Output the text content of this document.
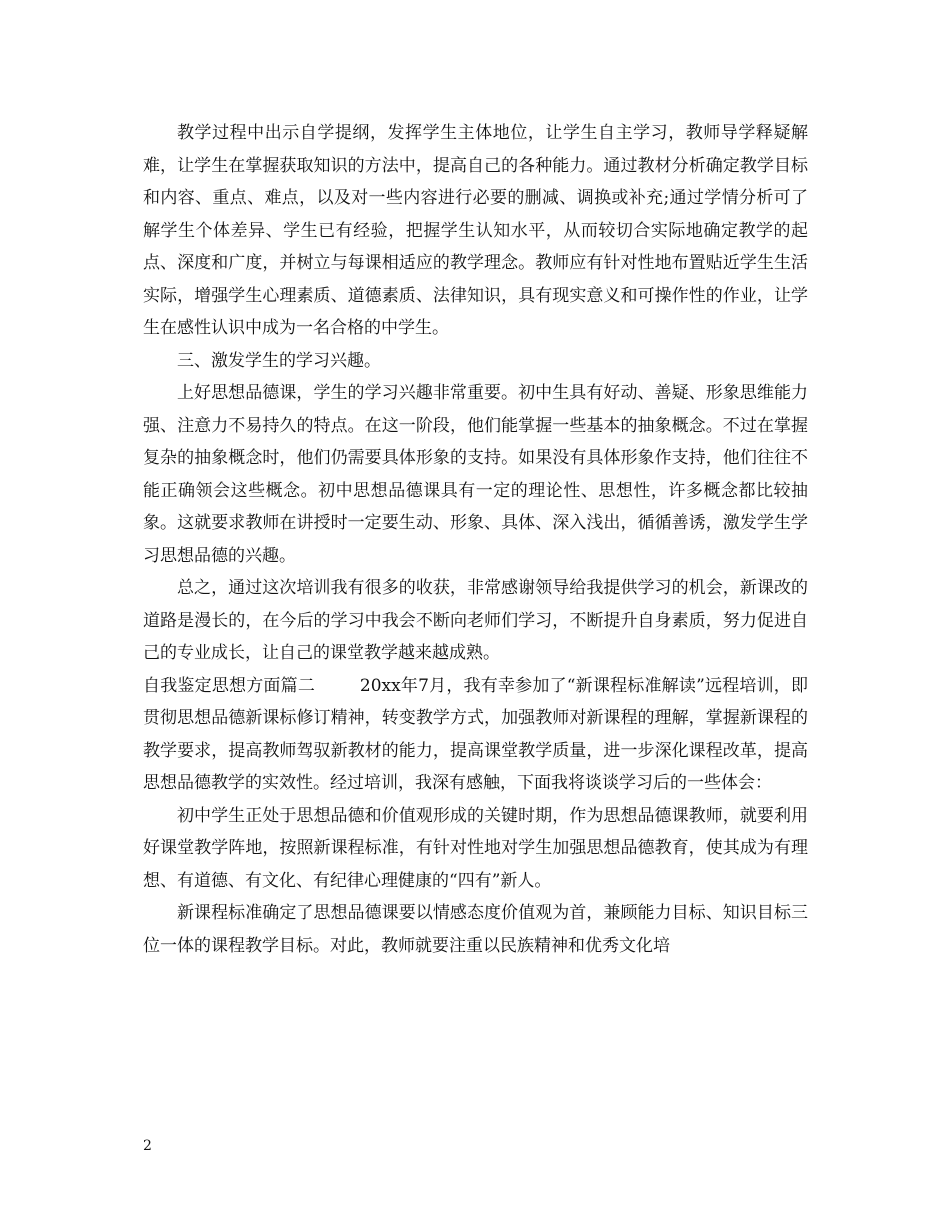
教学过程中出示自学提纲，发挥学生主体地位，让学生自主学习，教师导学释疑解难，让学生在掌握获取知识的方法中，提高自己的各种能力。通过教材分析确定教学目标和内容、重点、难点，以及对一些内容进行必要的删减、调换或补充;通过学情分析可了解学生个体差异、学生已有经验，把握学生认知水平，从而较切合实际地确定教学的起点、深度和广度，并树立与每课相适应的教学理念。教师应有针对性地布置贴近学生生活实际，增强学生心理素质、道德素质、法律知识，具有现实意义和可操作性的作业，让学生在感性认识中成为一名合格的中学生。

三、激发学生的学习兴趣。

上好思想品德课，学生的学习兴趣非常重要。初中生具有好动、善疑、形象思维能力强、注意力不易持久的特点。在这一阶段，他们能掌握一些基本的抽象概念。不过在掌握复杂的抽象概念时，他们仍需要具体形象的支持。如果没有具体形象作支持，他们往往不能正确领会这些概念。初中思想品德课具有一定的理论性、思想性，许多概念都比较抽象。这就要求教师在讲授时一定要生动、形象、具体、深入浅出，循循善诱，激发学生学习思想品德的兴趣。

总之，通过这次培训我有很多的收获，非常感谢领导给我提供学习的机会，新课改的道路是漫长的，在今后的学习中我会不断向老师们学习，不断提升自身素质，努力促进自己的专业成长，让自己的课堂教学越来越成熟。

自我鉴定思想方面篇二	20xx年7月，我有幸参加了“新课程标准解读”远程培训，即贯彻思想品德新课标修订精神，转变教学方式，加强教师对新课程的理解，掌握新课程的教学要求，提高教师驾驭新教材的能力，提高课堂教学质量，进一步深化课程改革，提高思想品德教学的实效性。经过培训，我深有感触，下面我将谈谈学习后的一些体会：

初中学生正处于思想品德和价值观形成的关键时期，作为思想品德课教师，就要利用好课堂教学阵地，按照新课程标准，有针对性地对学生加强思想品德教育，使其成为有理想、有道德、有文化、有纪律心理健康的“四有”新人。

新课程标准确定了思想品德课要以情感态度价值观为首，兼顾能力目标、知识目标三位一体的课程教学目标。对此，教师就要注重以民族精神和优秀文化培

2
